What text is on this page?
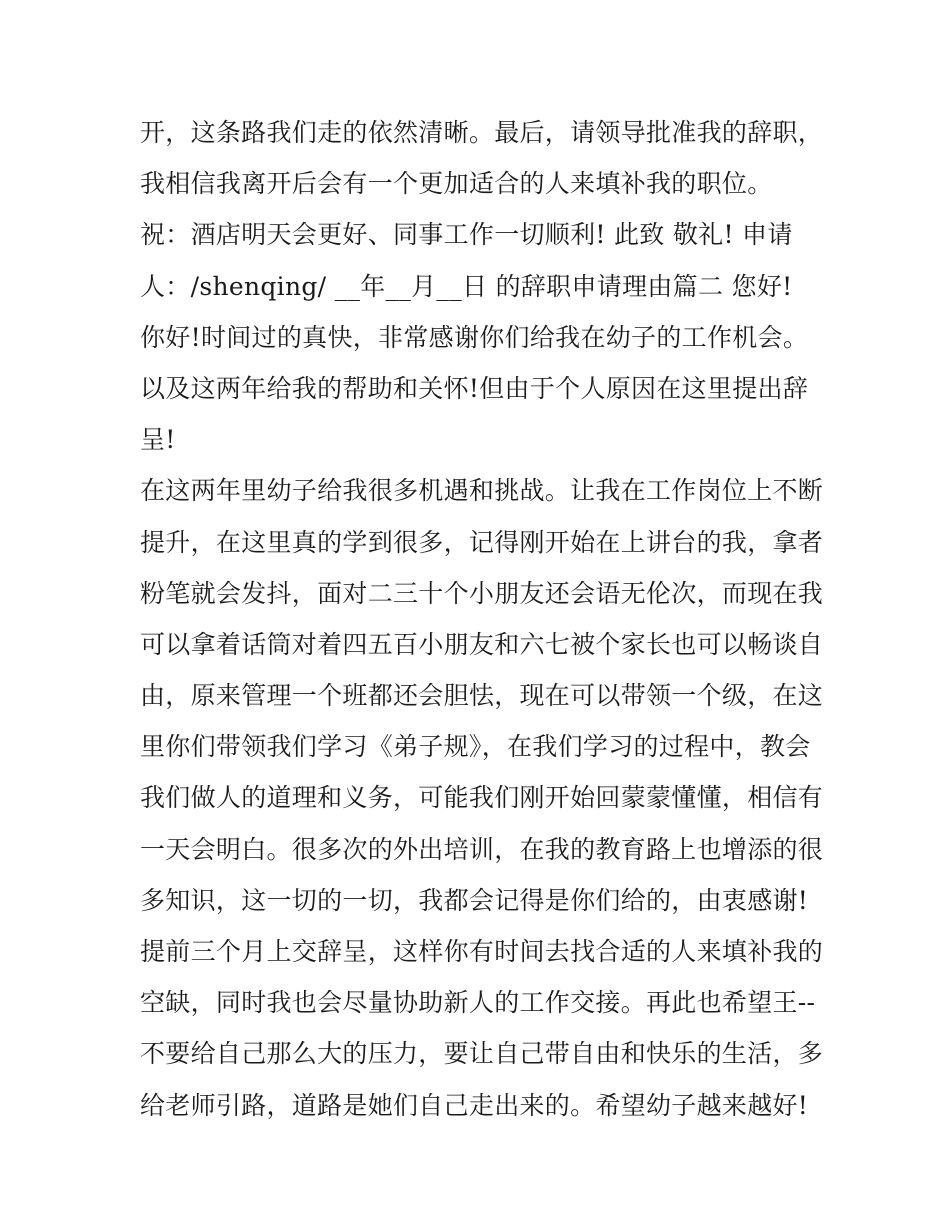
开，这条路我们走的依然清晰。最后，请领导批准我的辞职，
我相信我离开后会有一个更加适合的人来填补我的职位。
祝：酒店明天会更好、同事工作一切顺利! 此致 敬礼! 申请
人：/shenqing/ __年__月__日 的辞职申请理由篇二 您好!
你好!时间过的真快，非常感谢你们给我在幼子的工作机会。
以及这两年给我的帮助和关怀!但由于个人原因在这里提出辞
呈!
在这两年里幼子给我很多机遇和挑战。让我在工作岗位上不断
提升，在这里真的学到很多，记得刚开始在上讲台的我，拿者
粉笔就会发抖，面对二三十个小朋友还会语无伦次，而现在我
可以拿着话筒对着四五百小朋友和六七被个家长也可以畅谈自
由，原来管理一个班都还会胆怯，现在可以带领一个级，在这
里你们带领我们学习《弟子规》，在我们学习的过程中，教会
我们做人的道理和义务，可能我们刚开始回蒙蒙懂懂，相信有
一天会明白。很多次的外出培训，在我的教育路上也增添的很
多知识，这一切的一切，我都会记得是你们给的，由衷感谢!
提前三个月上交辞呈，这样你有时间去找合适的人来填补我的
空缺，同时我也会尽量协助新人的工作交接。再此也希望王--
不要给自己那么大的压力，要让自己带自由和快乐的生活，多
给老师引路，道路是她们自己走出来的。希望幼子越来越好!
